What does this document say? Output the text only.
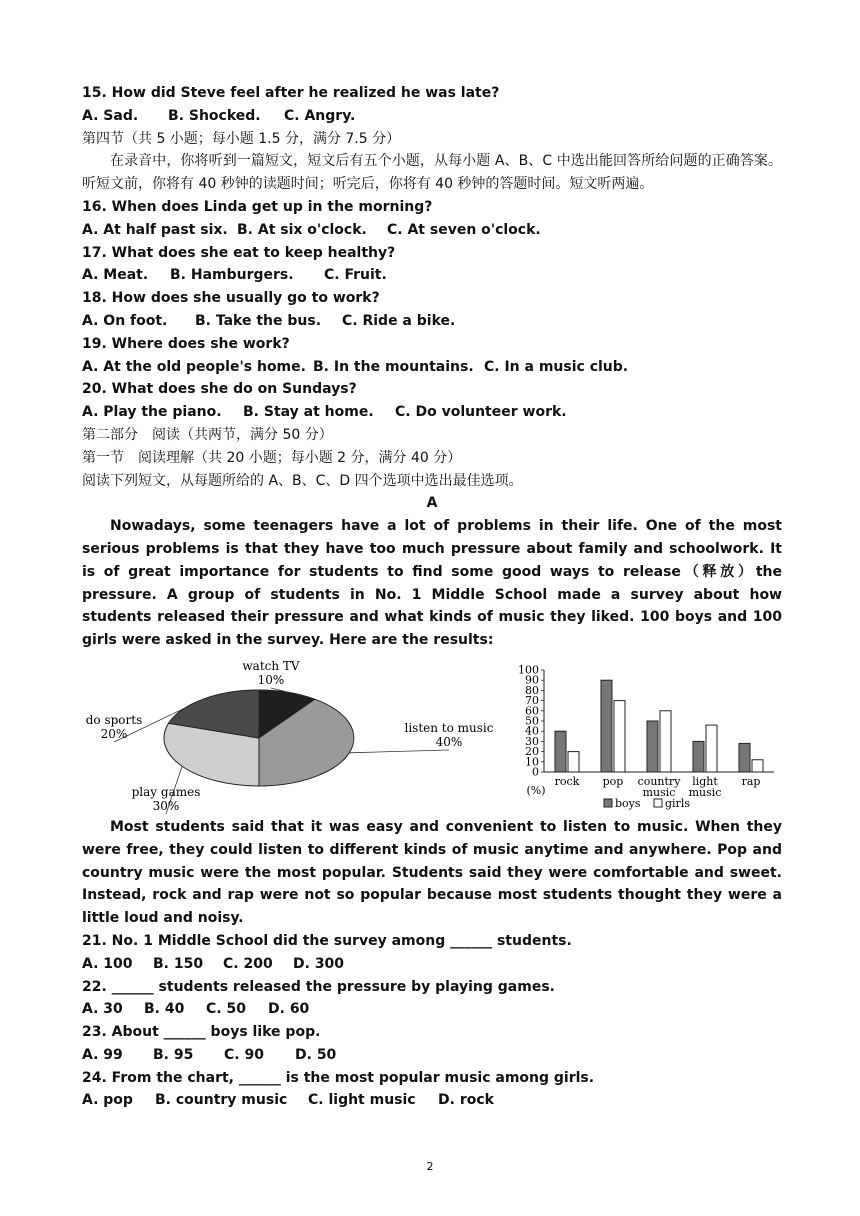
15. How did Steve feel after he realized he was late?
A. Sad. B. Shocked. C. Angry.
第四节（共 5 小题；每小题 1.5 分，满分 7.5 分）
在录音中，你将听到一篇短文，短文后有五个小题，从每小题 A、B、C 中选出能回答所给问题的正确答案。听短文前，你将有 40 秒钟的读题时间；听完后，你将有 40 秒钟的答题时间。短文听两遍。
16. When does Linda get up in the morning?
A. At half past six. B. At six o'clock. C. At seven o'clock.
17. What does she eat to keep healthy?
A. Meat. B. Hamburgers. C. Fruit.
18. How does she usually go to work?
A. On foot. B. Take the bus. C. Ride a bike.
19. Where does she work?
A. At the old people's home. B. In the mountains. C. In a music club.
20. What does she do on Sundays?
A. Play the piano. B. Stay at home. C. Do volunteer work.
第二部分　阅读（共两节，满分 50 分）
第一节　阅读理解（共 20 小题；每小题 2 分，满分 40 分）
阅读下列短文，从每题所给的 A、B、C、D 四个选项中选出最佳选项。
A
Nowadays, some teenagers have a lot of problems in their life. One of the most serious problems is that they have too much pressure about family and schoolwork. It is of great importance for students to find some good ways to release（释放）the pressure. A group of students in No. 1 Middle School made a survey about how students released their pressure and what kinds of music they liked. 100 boys and 100 girls were asked in the survey. Here are the results:
watch TV
10%
listen to music
40%
play games
30%
do sports
20%
0
10
20
30
40
50
60
70
80
90
100
rock pop country
music
light
music
rap
(%)
boys girls
Most students said that it was easy and convenient to listen to music. When they were free, they could listen to different kinds of music anytime and anywhere. Pop and country music were the most popular. Students said they were comfortable and sweet. Instead, rock and rap were not so popular because most students thought they were a little loud and noisy.
21. No. 1 Middle School did the survey among ______ students.
A. 100 B. 150 C. 200 D. 300
22. ______ students released the pressure by playing games.
A. 30 B. 40 C. 50 D. 60
23. About ______ boys like pop.
A. 99 B. 95 C. 90 D. 50
24. From the chart, ______ is the most popular music among girls.
A. pop B. country music C. light music D. rock
2
